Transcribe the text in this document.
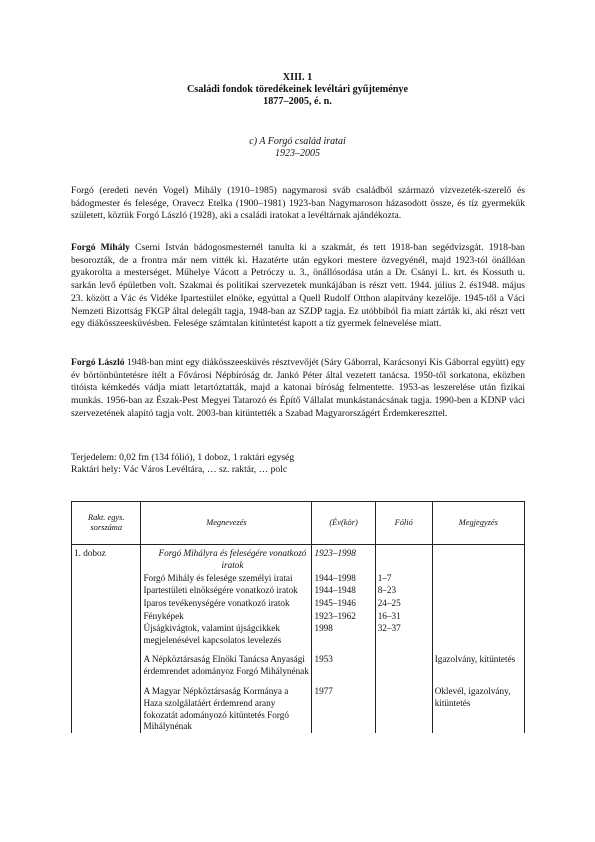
XIII. 1
Családi fondok töredékeinek levéltári gyűjteménye
1877–2005, é. n.
c) A Forgó család iratai
1923–2005

Forgó (eredeti nevén Vogel) Mihály (1910–1985) nagymarosi sváb családból származó vízvezeték-szerelő és bádogmester és felesége, Oravecz Etelka (1900–1981) 1923-ban Nagymaroson házasodott össze, és tíz gyermekük született, köztük Forgó László (1928), aki a családi iratokat a levéltárnak ajándékozta.

Forgó Mihály Cserni István bádogosmesternél tanulta ki a szakmát, és tett 1918-ban segédvizsgát. 1918-ban besorozták, de a frontra már nem vitték ki. Hazatérte után egykori mestere özvegyénél, majd 1923-tól önállóan gyakorolta a mesterséget. Műhelye Vácott a Petróczy u. 3., önállósodása után a Dr. Csányi L. krt. és Kossuth u. sarkán levő épületben volt. Szakmai és politikai szervezetek munkájában is részt vett. 1944. július 2. és1948. május 23. között a Vác és Vidéke Ipartestület elnöke, egyúttal a Quell Rudolf Otthon alapítvány kezelője. 1945-től a Váci Nemzeti Bizottság FKGP által delegált tagja, 1948-ban az SZDP tagja. Ez utóbbiból fia miatt zárták ki, aki részt vett egy diákösszeesküvésben. Felesége számtalan kitüntetést kapott a tíz gyermek felnevelése miatt.

Forgó László 1948-ban mint egy diákösszeesküvés résztvevőjét (Sáry Gáborral, Karácsonyi Kis Gáborral együtt) egy év börtönbüntetésre ítélt a Fővárosi Népbíróság dr. Jankó Péter által vezetett tanácsa. 1950-től sorkatona, eközben titóista kémkedés vádja miatt letartóztatták, majd a katonai bíróság felmentette. 1953-as leszerelése után fizikai munkás. 1956-ban az Észak-Pest Megyei Tatarozó és Építő Vállalat munkástanácsának tagja. 1990-ben a KDNP váci szervezetének alapító tagja volt. 2003-ban kitüntették a Szabad Magyarországért Érdemkereszttel.

Terjedelem: 0,02 fm (134 fólió), 1 doboz, 1 raktári egység
Raktári hely: Vác Város Levéltára, … sz. raktár, … polc
Rakt. egys. sorszáma	Megnevezés	(Év(kör)	Fólió	Megjegyzés
1. doboz	Forgó Mihályra és feleségére vonatkozó iratok	1923–1998		
	Forgó Mihály és felesége személyi iratai	1944–1998	1–7	
	Ipartestületi elnökségére vonatkozó iratok	1944–1948	8–23	
	Iparos tevékenységére vonatkozó iratok	1945–1946	24–25	
	Fényképek	1923–1962	16–31	
	Újságkivágtok, valamint újságcikkek megjelenésével kapcsolatos levelezés	1998	32–37	
	A Népköztársaság Elnöki Tanácsa Anyasági érdemrendet adományoz Forgó Mihálynénak	1953		Igazolvány, kitüntetés
	A Magyar Népköztársaság Kormánya a Haza szolgálatáért érdemrend arany fokozatát adományozó kitüntetés Forgó Mihálynénak	1977		Oklevél, igazolvány, kitüntetés
